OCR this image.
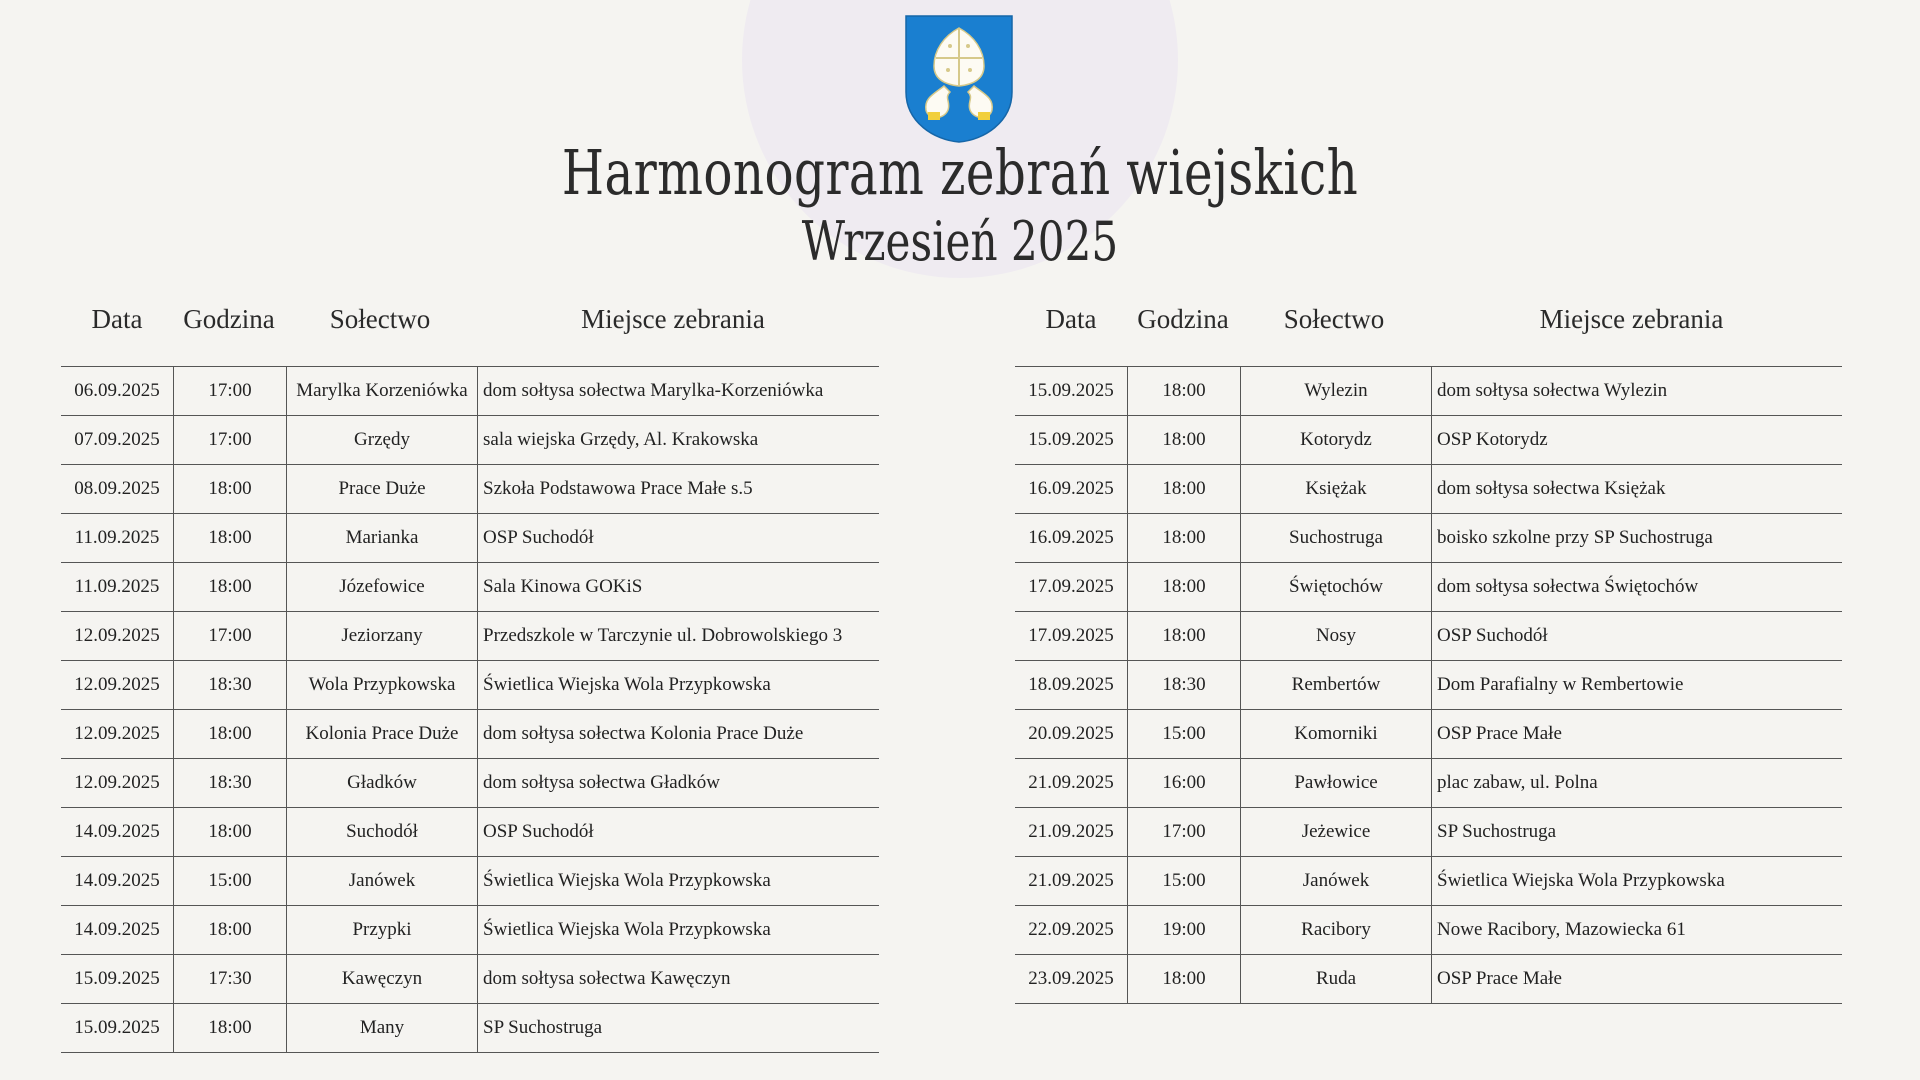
Harmonogram zebrań wiejskich
Wrzesień 2025
Data	Godzina	Sołectwo	Miejsce zebrania
06.09.2025	17:00	Marylka Korzeniówka	dom sołtysa sołectwa Marylka-Korzeniówka
07.09.2025	17:00	Grzędy	sala wiejska Grzędy, Al. Krakowska
08.09.2025	18:00	Prace Duże	Szkoła Podstawowa Prace Małe s.5
11.09.2025	18:00	Marianka	OSP Suchodół
11.09.2025	18:00	Józefowice	Sala Kinowa GOKiS
12.09.2025	17:00	Jeziorzany	Przedszkole w Tarczynie ul. Dobrowolskiego 3
12.09.2025	18:30	Wola Przypkowska	Świetlica Wiejska Wola Przypkowska
12.09.2025	18:00	Kolonia Prace Duże	dom sołtysa sołectwa Kolonia Prace Duże
12.09.2025	18:30	Gładków	dom sołtysa sołectwa Gładków
14.09.2025	18:00	Suchodół	OSP Suchodół
14.09.2025	15:00	Janówek	Świetlica Wiejska Wola Przypkowska
14.09.2025	18:00	Przypki	Świetlica Wiejska Wola Przypkowska
15.09.2025	17:30	Kawęczyn	dom sołtysa sołectwa Kawęczyn
15.09.2025	18:00	Many	SP Suchostruga
Data	Godzina	Sołectwo	Miejsce zebrania
15.09.2025	18:00	Wylezin	dom sołtysa sołectwa Wylezin
15.09.2025	18:00	Kotorydz	OSP Kotorydz
16.09.2025	18:00	Księżak	dom sołtysa sołectwa Księżak
16.09.2025	18:00	Suchostruga	boisko szkolne przy SP Suchostruga
17.09.2025	18:00	Świętochów	dom sołtysa sołectwa Świętochów
17.09.2025	18:00	Nosy	OSP Suchodół
18.09.2025	18:30	Rembertów	Dom Parafialny w Rembertowie
20.09.2025	15:00	Komorniki	OSP Prace Małe
21.09.2025	16:00	Pawłowice	plac zabaw, ul. Polna
21.09.2025	17:00	Jeżewice	SP Suchostruga
21.09.2025	15:00	Janówek	Świetlica Wiejska Wola Przypkowska
22.09.2025	19:00	Racibory	Nowe Racibory, Mazowiecka 61
23.09.2025	18:00	Ruda	OSP Prace Małe
